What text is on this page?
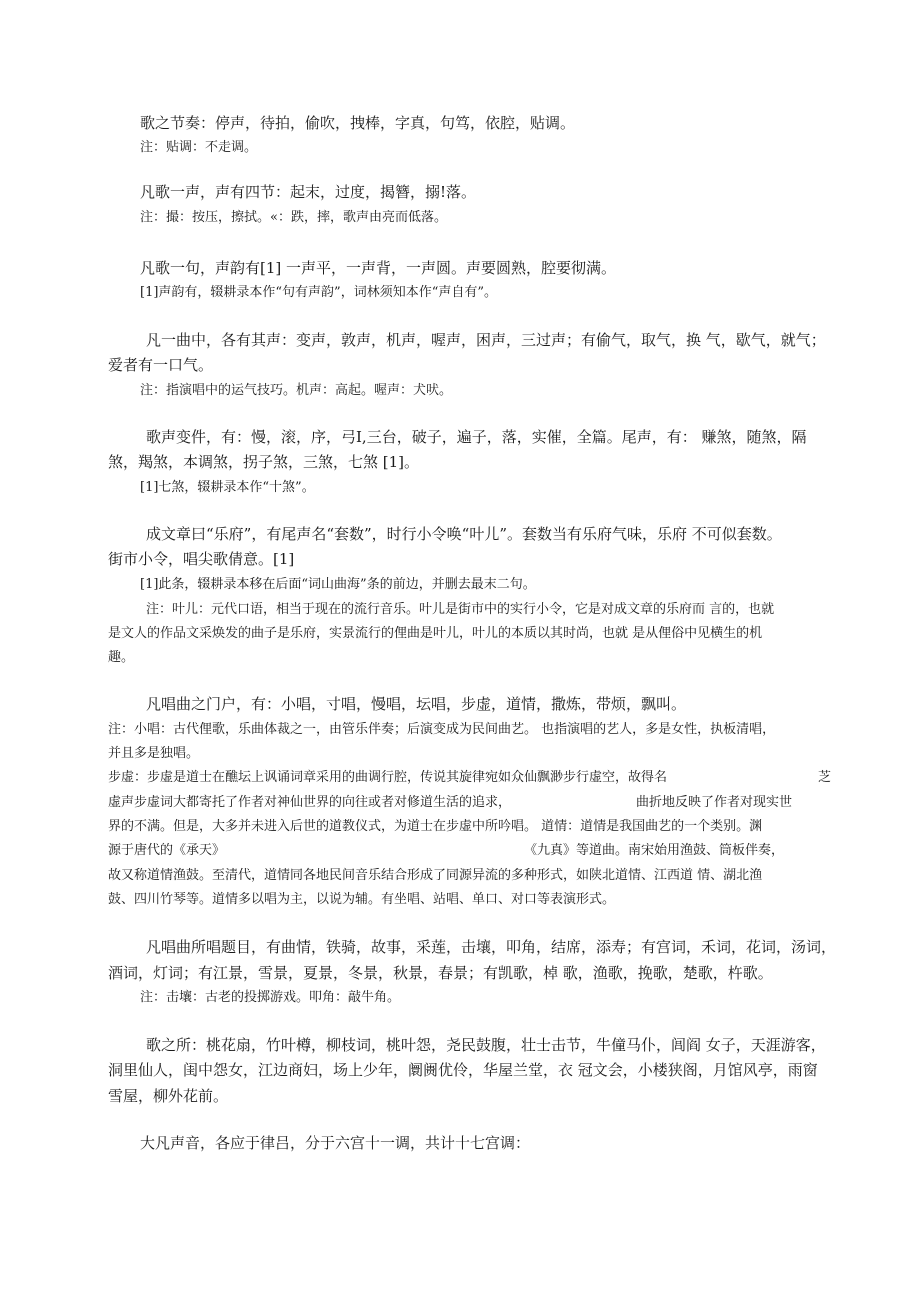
歌之节奏：停声，待拍，偷吹，拽棒，字真，句笃，依腔，贴调。
注：贴调：不走调。
凡歌一声，声有四节：起末，过度，揭簪，搦!落。
注：撮：按压，擦拭。«：跌，摔，歌声由亮而低落。
凡歌一句，声韵有[1] 一声平，一声背，一声圆。声要圆熟，腔要彻满。
[1]声韵有，辍耕录本作“句有声韵”，词林须知本作“声自有”。
凡一曲中，各有其声：变声，敦声，机声，喔声，困声，三过声；有偷气，取气，换 气，歇气，就气；
爱者有一口气。
注：指演唱中的运气技巧。机声：高起。喔声：犬吠。
歌声变件，有：慢，滚，序，弓I,三台，破子，遍子，落，实催，全篇。尾声，有： 赚煞，随煞，隔
煞，羯煞，本调煞，拐子煞，三煞，七煞 [1]。
[1]七煞，辍耕录本作“十煞”。
成文章曰“乐府”，有尾声名“套数”，时行小令唤“叶儿”。套数当有乐府气味，乐府 不可似套数。
街市小令，唱尖歌倩意。[1]
[1]此条，辍耕录本移在后面“词山曲海”条的前边，并删去最末二句。
注：叶儿：元代口语，相当于现在的流行音乐。叶儿是街市中的实行小令，它是对成文章的乐府而 言的，也就
是文人的作品文采焕发的曲子是乐府，实景流行的俚曲是叶儿，叶儿的本质以其时尚，也就 是从俚俗中见横生的机
趣。
凡唱曲之门户，有：小唱，寸唱，慢唱，坛唱，步虚，道情，撒炼，带烦，飘叫。
注：小唱：古代俚歌，乐曲体裁之一，由管乐伴奏；后演变成为民间曲艺。 也指演唱的艺人，多是女性，执板清唱，
并且多是独唱。
步虚：步虚是道士在醮坛上讽诵词章采用的曲调行腔，传说其旋律宛如众仙飘渺步行虚空，故得名	芝
虚声步虚词大都寄托了作者对神仙世界的向往或者对修道生活的追求，	曲折地反映了作者对现实世
界的不满。但是，大多并未进入后世的道教仪式，为道士在步虚中所吟唱。 道情：道情是我国曲艺的一个类别。渊
源于唐代的《承天》	《九真》等道曲。南宋始用渔鼓、筒板伴奏，
故又称道情渔鼓。至清代，道情同各地民间音乐结合形成了同源异流的多种形式，如陕北道情、江西道 情、湖北渔
鼓、四川竹琴等。道情多以唱为主，以说为辅。有坐唱、站唱、单口、对口等表演形式。
凡唱曲所唱题目，有曲情，铁骑，故事，采莲，击壤，叩角，结席，添寿；有宫词，禾词，花词，汤词，
酒词，灯词；有江景，雪景，夏景，冬景，秋景，春景；有凯歌，棹 歌，渔歌，挽歌，楚歌，杵歌。
注：击壤：古老的投掷游戏。叩角：敲牛角。
歌之所：桃花扇，竹叶樽，柳枝词，桃叶怨，尧民鼓腹，壮士击节，牛僮马仆，闾阎 女子，天涯游客，
洞里仙人，闺中怨女，江边商妇，场上少年，阛阓优伶，华屋兰堂，衣 冠文会，小楼狭阁，月馆风亭，雨窗
雪屋，柳外花前。
大凡声音，各应于律吕，分于六宫十一调，共计十七宫调：
